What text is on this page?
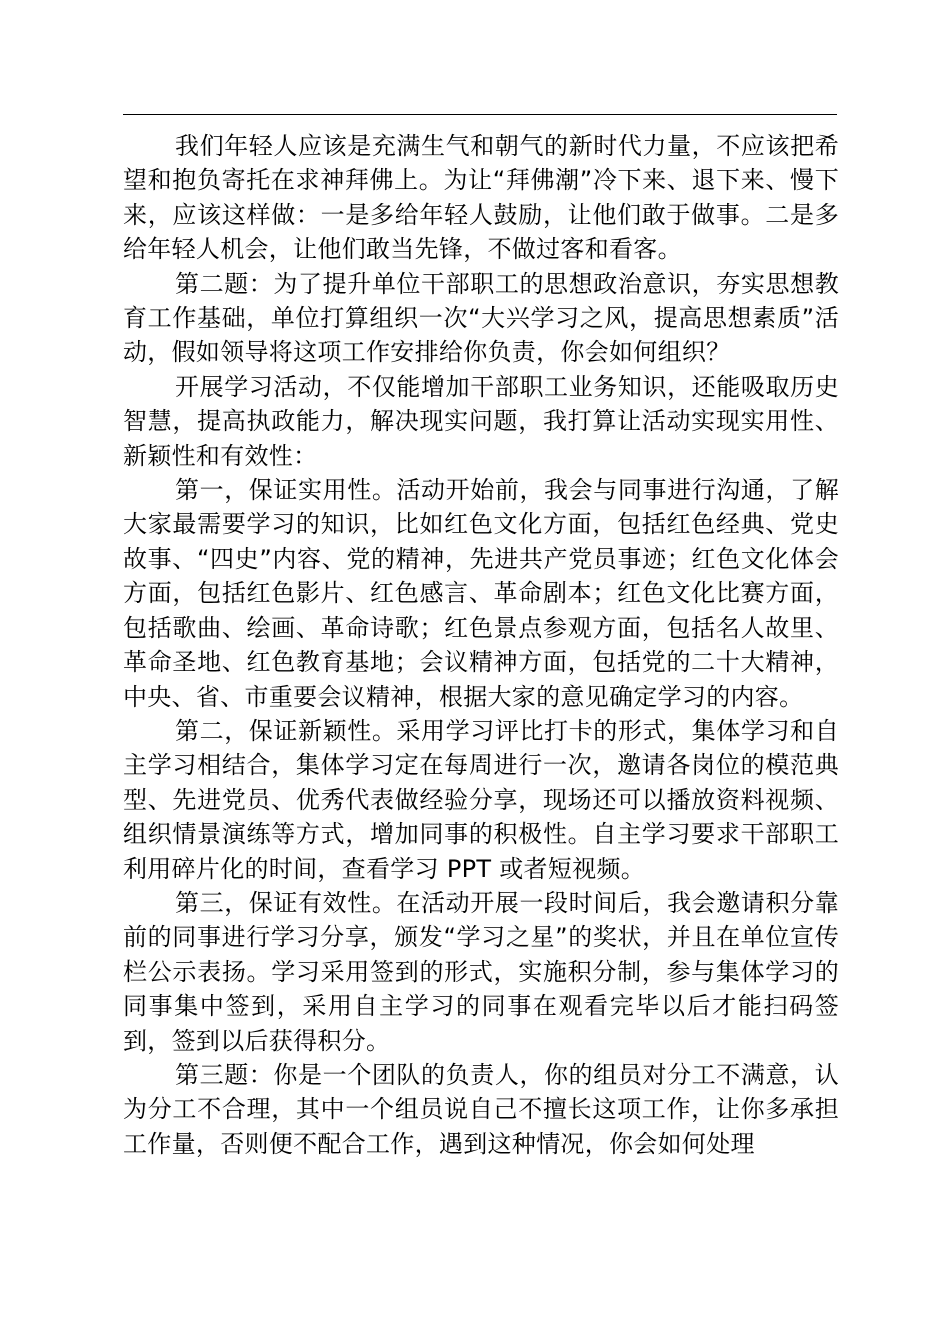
我们年轻人应该是充满生气和朝气的新时代力量，不应该把希望和抱负寄托在求神拜佛上。为让“拜佛潮”冷下来、退下来、慢下来，应该这样做：一是多给年轻人鼓励，让他们敢于做事。二是多给年轻人机会，让他们敢当先锋，不做过客和看客。

第二题：为了提升单位干部职工的思想政治意识，夯实思想教育工作基础，单位打算组织一次“大兴学习之风，提高思想素质”活动，假如领导将这项工作安排给你负责，你会如何组织？

开展学习活动，不仅能增加干部职工业务知识，还能吸取历史智慧，提高执政能力，解决现实问题，我打算让活动实现实用性、新颖性和有效性：

第一，保证实用性。活动开始前，我会与同事进行沟通，了解大家最需要学习的知识，比如红色文化方面，包括红色经典、党史故事、“四史”内容、党的精神，先进共产党员事迹；红色文化体会方面，包括红色影片、红色感言、革命剧本；红色文化比赛方面，包括歌曲、绘画、革命诗歌；红色景点参观方面，包括名人故里、革命圣地、红色教育基地；会议精神方面，包括党的二十大精神，中央、省、市重要会议精神，根据大家的意见确定学习的内容。

第二，保证新颖性。采用学习评比打卡的形式，集体学习和自主学习相结合，集体学习定在每周进行一次，邀请各岗位的模范典型、先进党员、优秀代表做经验分享，现场还可以播放资料视频、组织情景演练等方式，增加同事的积极性。自主学习要求干部职工利用碎片化的时间，查看学习 PPT 或者短视频。

第三，保证有效性。在活动开展一段时间后，我会邀请积分靠前的同事进行学习分享，颁发“学习之星”的奖状，并且在单位宣传栏公示表扬。学习采用签到的形式，实施积分制，参与集体学习的同事集中签到，采用自主学习的同事在观看完毕以后才能扫码签到，签到以后获得积分。

第三题：你是一个团队的负责人，你的组员对分工不满意，认为分工不合理，其中一个组员说自己不擅长这项工作，让你多承担工作量，否则便不配合工作，遇到这种情况，你会如何处理
